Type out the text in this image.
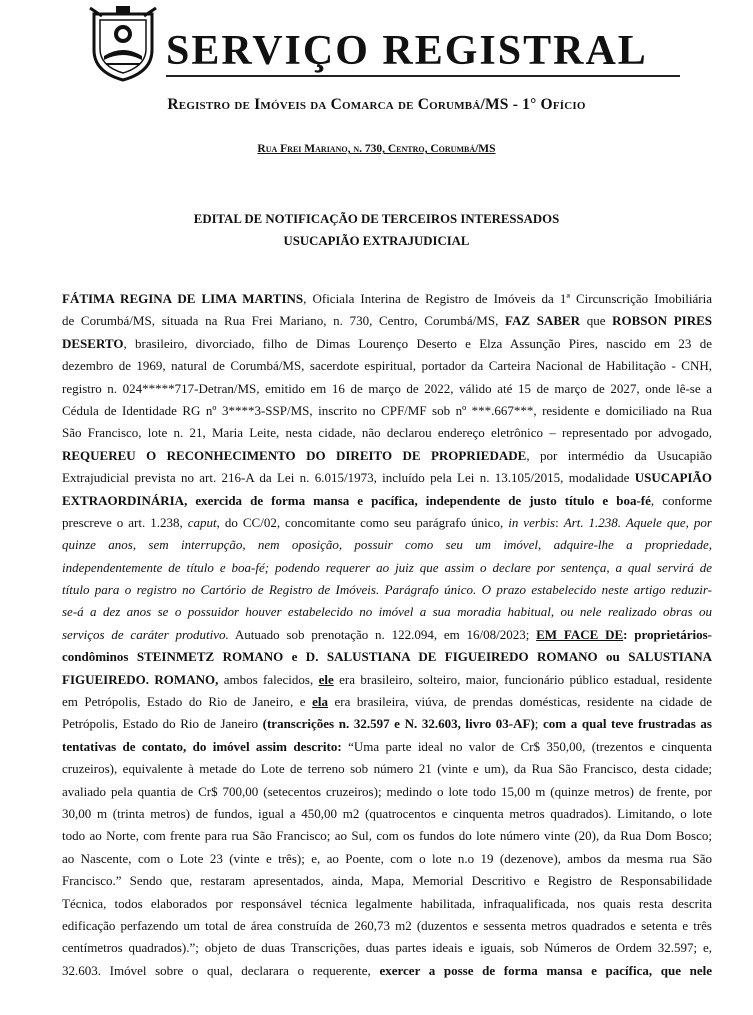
SERVIÇO REGISTRAL
Registro de Imóveis da Comarca de Corumbá/MS - 1° Ofício
Rua Frei Mariano, n. 730, Centro, Corumbá/MS
EDITAL DE NOTIFICAÇÃO DE TERCEIROS INTERESSADOS
USUCAPIÃO EXTRAJUDICIAL
FÁTIMA REGINA DE LIMA MARTINS, Oficiala Interina de Registro de Imóveis da 1ª Circunscrição Imobiliária
de Corumbá/MS, situada na Rua Frei Mariano, n. 730, Centro, Corumbá/MS, FAZ SABER que ROBSON PIRES
DESERTO, brasileiro, divorciado, filho de Dimas Lourenço Deserto e Elza Assunção Pires, nascido em 23 de
dezembro de 1969, natural de Corumbá/MS, sacerdote espiritual, portador da Carteira Nacional de Habilitação - CNH,
registro n. 024*****717-Detran/MS, emitido em 16 de março de 2022, válido até 15 de março de 2027, onde lê-se a
Cédula de Identidade RG nº 3****3-SSP/MS, inscrito no CPF/MF sob nº ***.667***, residente e domiciliado na Rua
São Francisco, lote n. 21, Maria Leite, nesta cidade, não declarou endereço eletrônico – representado por advogado,
REQUEREU O RECONHECIMENTO DO DIREITO DE PROPRIEDADE, por intermédio da Usucapião
Extrajudicial prevista no art. 216-A da Lei n. 6.015/1973, incluído pela Lei n. 13.105/2015, modalidade USUCAPIÃO
EXTRAORDINÁRIA, exercida de forma mansa e pacífica, independente de justo título e boa-fé, conforme
prescreve o art. 1.238, caput, do CC/02, concomitante como seu parágrafo único, in verbis: Art. 1.238. Aquele que, por
quinze anos, sem interrupção, nem oposição, possuir como seu um imóvel, adquire-lhe a propriedade,
independentemente de título e boa-fé; podendo requerer ao juiz que assim o declare por sentença, a qual servirá de
título para o registro no Cartório de Registro de Imóveis. Parágrafo único. O prazo estabelecido neste artigo reduzir-
se-á a dez anos se o possuidor houver estabelecido no imóvel a sua moradia habitual, ou nele realizado obras ou
serviços de caráter produtivo. Autuado sob prenotação n. 122.094, em 16/08/2023; EM FACE DE: proprietários-
condôminos STEINMETZ ROMANO e D. SALUSTIANA DE FIGUEIREDO ROMANO ou SALUSTIANA
FIGUEIREDO. ROMANO, ambos falecidos, ele era brasileiro, solteiro, maior, funcionário público estadual, residente
em Petrópolis, Estado do Rio de Janeiro, e ela era brasileira, viúva, de prendas domésticas, residente na cidade de
Petrópolis, Estado do Rio de Janeiro (transcrições n. 32.597 e N. 32.603, livro 03-AF); com a qual teve frustradas as
tentativas de contato, do imóvel assim descrito: “Uma parte ideal no valor de Cr$ 350,00, (trezentos e cinquenta
cruzeiros), equivalente à metade do Lote de terreno sob número 21 (vinte e um), da Rua São Francisco, desta cidade;
avaliado pela quantia de Cr$ 700,00 (setecentos cruzeiros); medindo o lote todo 15,00 m (quinze metros) de frente, por
30,00 m (trinta metros) de fundos, igual a 450,00 m2 (quatrocentos e cinquenta metros quadrados). Limitando, o lote
todo ao Norte, com frente para rua São Francisco; ao Sul, com os fundos do lote número vinte (20), da Rua Dom Bosco;
ao Nascente, com o Lote 23 (vinte e três); e, ao Poente, com o lote n.o 19 (dezenove), ambos da mesma rua São
Francisco.” Sendo que, restaram apresentados, ainda, Mapa, Memorial Descritivo e Registro de Responsabilidade
Técnica, todos elaborados por responsável técnica legalmente habilitada, infraqualificada, nos quais resta descrita
edificação perfazendo um total de área construída de 260,73 m2 (duzentos e sessenta metros quadrados e setenta e três
centímetros quadrados).”; objeto de duas Transcrições, duas partes ideais e iguais, sob Números de Ordem 32.597; e,
32.603. Imóvel sobre o qual, declarara o requerente, exercer a posse de forma mansa e pacífica, que nele
